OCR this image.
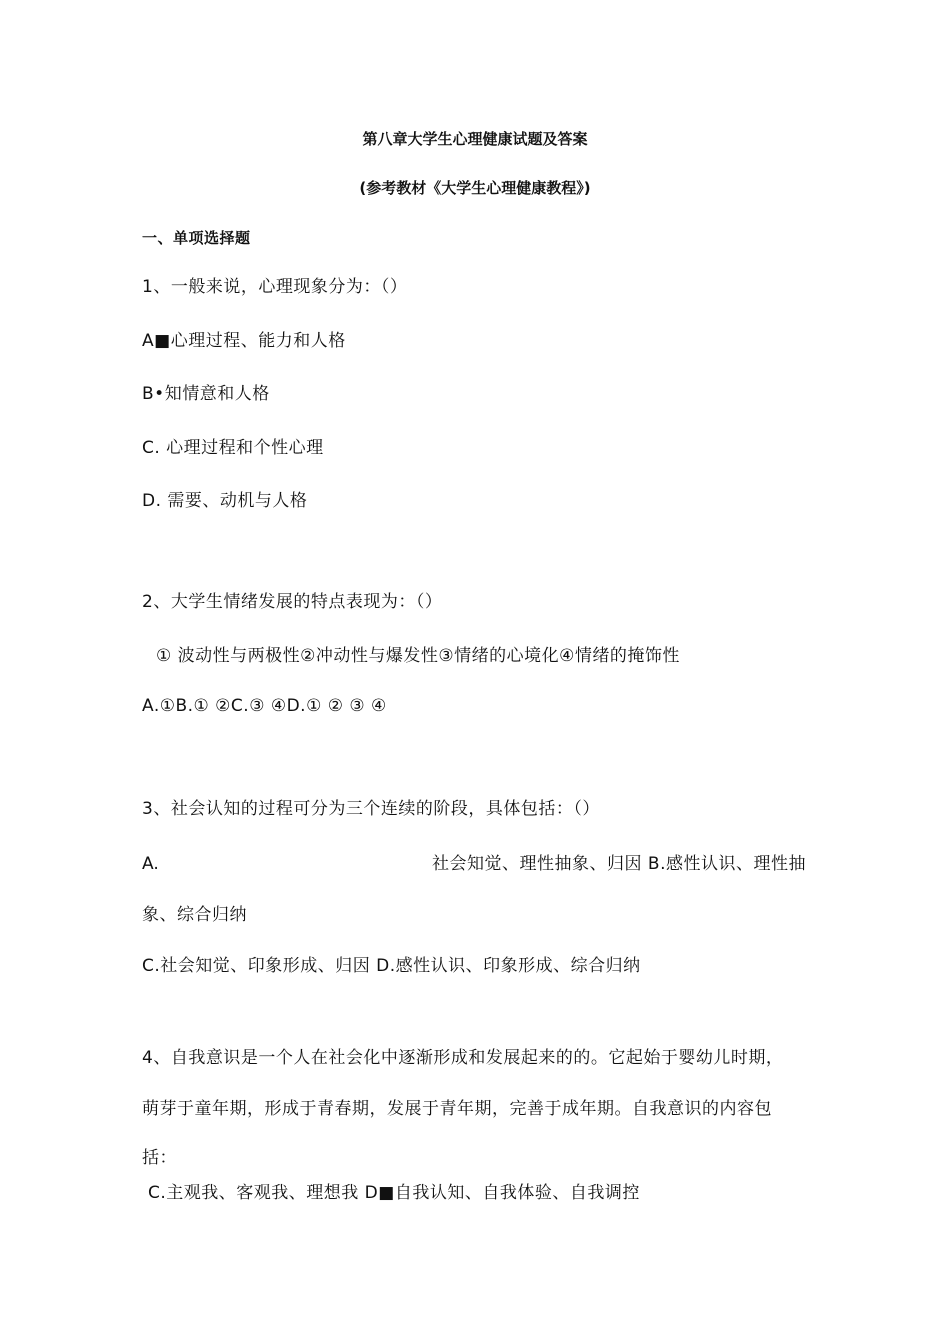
第八章大学生心理健康试题及答案
(参考教材《大学生心理健康教程》)
一、单项选择题
1、一般来说，心理现象分为：（）
A■心理过程、能力和人格
B•知情意和人格
C. 心理过程和个性心理
D. 需要、动机与人格
2、大学生情绪发展的特点表现为：（）
① 波动性与两极性②冲动性与爆发性③情绪的心境化④情绪的掩饰性
A.①B.① ②C.③ ④D.① ② ③ ④
3、社会认知的过程可分为三个连续的阶段，具体包括：（）
A.	社会知觉、理性抽象、归因 B.感性认识、理性抽
象、综合归纳
C.社会知觉、印象形成、归因 D.感性认识、印象形成、综合归纳
4、自我意识是一个人在社会化中逐渐形成和发展起来的的。它起始于婴幼儿时期，
萌芽于童年期，形成于青春期，发展于青年期，完善于成年期。自我意识的内容包
括：
C.主观我、客观我、理想我 D■自我认知、自我体验、自我调控
